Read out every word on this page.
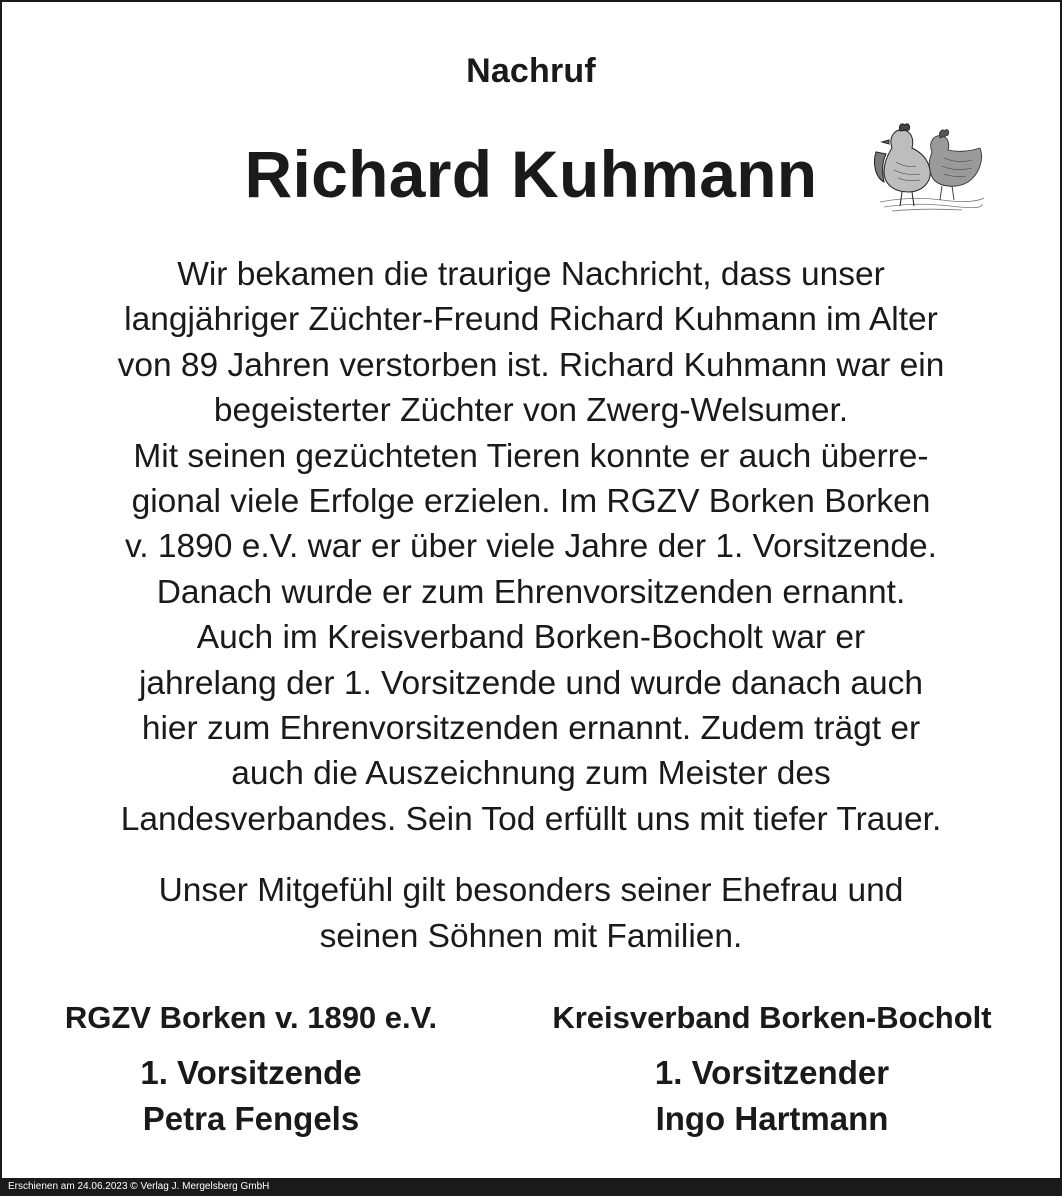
Nachruf
Richard Kuhmann
Wir bekamen die traurige Nachricht, dass unser
langjähriger Züchter-Freund Richard Kuhmann im Alter
von 89 Jahren verstorben ist. Richard Kuhmann war ein
begeisterter Züchter von Zwerg-Welsumer.
Mit seinen gezüchteten Tieren konnte er auch überre-
gional viele Erfolge erzielen. Im RGZV Borken Borken
v. 1890 e.V. war er über viele Jahre der 1. Vorsitzende.
Danach wurde er zum Ehrenvorsitzenden ernannt.
Auch im Kreisverband Borken-Bocholt war er
jahrelang der 1. Vorsitzende und wurde danach auch
hier zum Ehrenvorsitzenden ernannt. Zudem trägt er
auch die Auszeichnung zum Meister des
Landesverbandes. Sein Tod erfüllt uns mit tiefer Trauer.
Unser Mitgefühl gilt besonders seiner Ehefrau und
seinen Söhnen mit Familien.
RGZV Borken v. 1890 e.V.
1. Vorsitzende
Petra Fengels
Kreisverband Borken-Bocholt
1. Vorsitzender
Ingo Hartmann
Erschienen am 24.06.2023 © Verlag J. Mergelsberg GmbH
